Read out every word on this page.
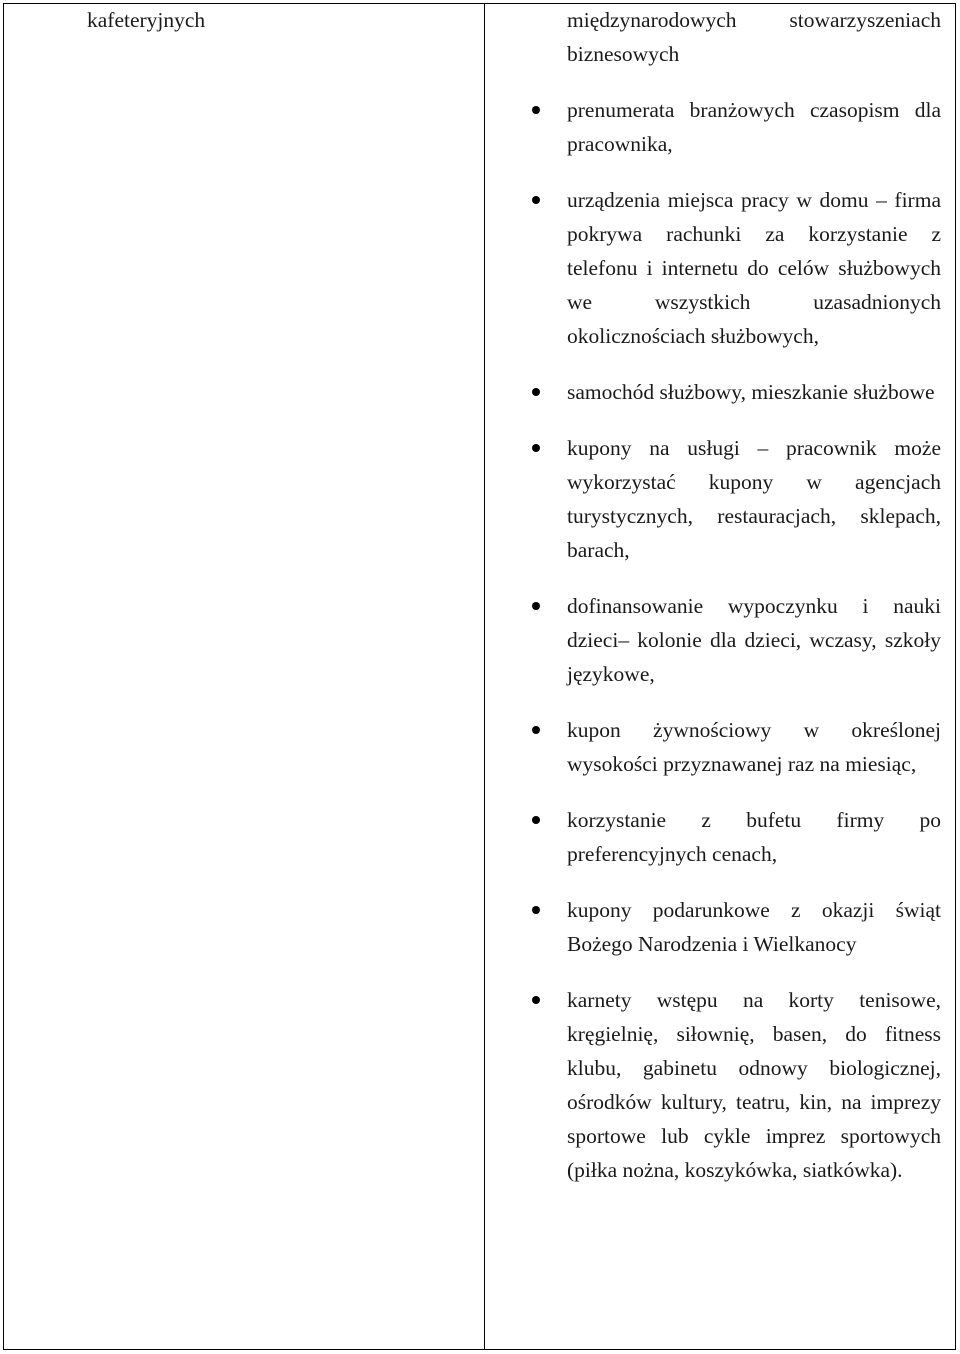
kafeteryjnych	międzynarodowych stowarzyszeniach biznesowych

prenumerata branżowych czasopism dla pracownika,
urządzenia miejsca pracy w domu – firma pokrywa rachunki za korzystanie z telefonu i internetu do celów służbowych we wszystkich uzasadnionych okolicznościach służbowych,
samochód służbowy, mieszkanie służbowe
kupony na usługi – pracownik może wykorzystać kupony w agencjach turystycznych, restauracjach, sklepach, barach,
dofinansowanie wypoczynku i nauki dzieci– kolonie dla dzieci, wczasy, szkoły językowe,
kupon żywnościowy w określonej wysokości przyznawanej raz na miesiąc,
korzystanie z bufetu firmy po preferencyjnych cenach,
kupony podarunkowe z okazji świąt Bożego Narodzenia i Wielkanocy
karnety wstępu na korty tenisowe, kręgielnię, siłownię, basen, do fitness klubu, gabinetu odnowy biologicznej, ośrodków kultury, teatru, kin, na imprezy sportowe lub cykle imprez sportowych (piłka nożna, koszykówka, siatkówka).
